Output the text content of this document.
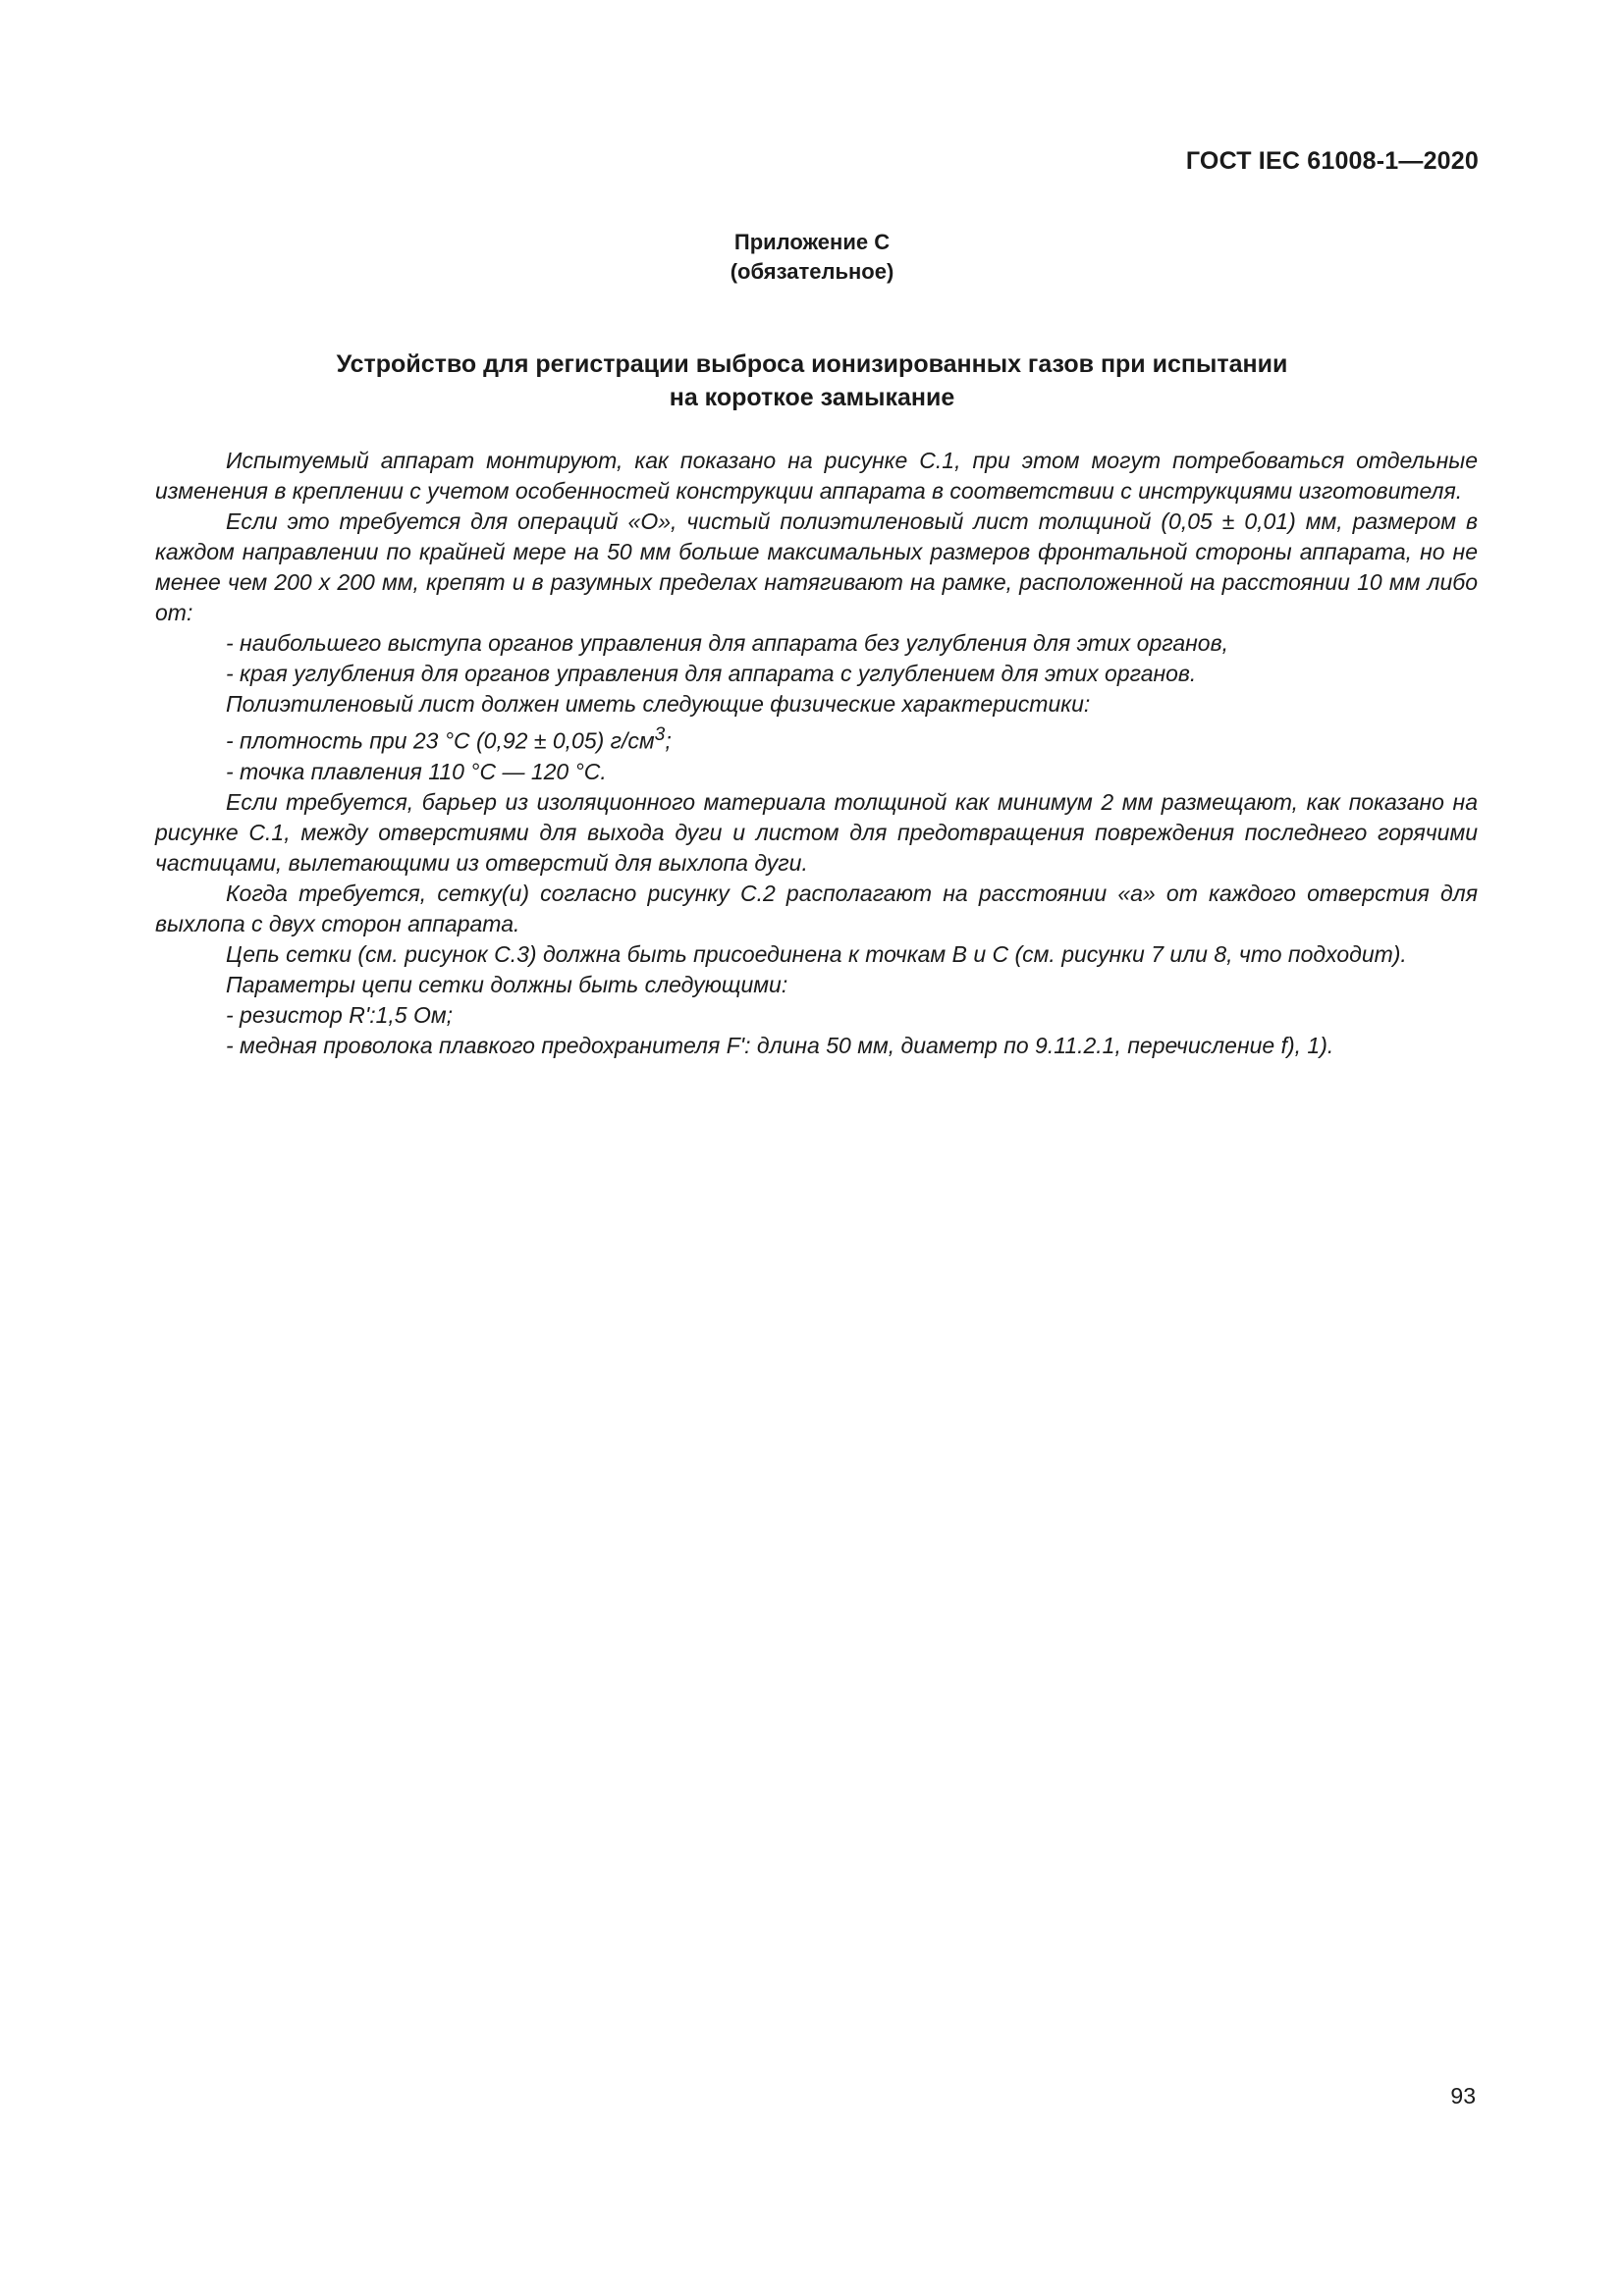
ГОСТ IEC 61008-1—2020
Приложение С
(обязательное)
Устройство для регистрации выброса ионизированных газов при испытании
на короткое замыкание

Испытуемый аппарат монтируют, как показано на рисунке С.1, при этом могут потребоваться отдельные изменения в креплении с учетом особенностей конструкции аппарата в соответствии с инструкциями изготовителя.

Если это требуется для операций «О», чистый полиэтиленовый лист толщиной (0,05 ± 0,01) мм, размером в каждом направлении по крайней мере на 50 мм больше максимальных размеров фронтальной стороны аппарата, но не менее чем 200 х 200 мм, крепят и в разумных пределах натягивают на рамке, расположенной на расстоянии 10 мм либо от:

- наибольшего выступа органов управления для аппарата без углубления для этих органов,

- края углубления для органов управления для аппарата с углублением для этих органов.

Полиэтиленовый лист должен иметь следующие физические характеристики:

- плотность при 23 °С (0,92 ± 0,05) $г/см^3$;

- точка плавления 110 °С — 120 °С.

Если требуется, барьер из изоляционного материала толщиной как минимум 2 мм размещают, как показано на рисунке С.1, между отверстиями для выхода дуги и листом для предотвращения повреждения последнего горячими частицами, вылетающими из отверстий для выхлопа дуги.

Когда требуется, сетку(и) согласно рисунку С.2 располагают на расстоянии «а» от каждого отверстия для выхлопа с двух сторон аппарата.

Цепь сетки (см. рисунок С.3) должна быть присоединена к точкам В и С (см. рисунки 7 или 8, что подходит).

Параметры цепи сетки должны быть следующими:

- резистор R':1,5 Ом;

- медная проволока плавкого предохранителя F': длина 50 мм, диаметр по 9.11.2.1, перечисление f), 1).

93
